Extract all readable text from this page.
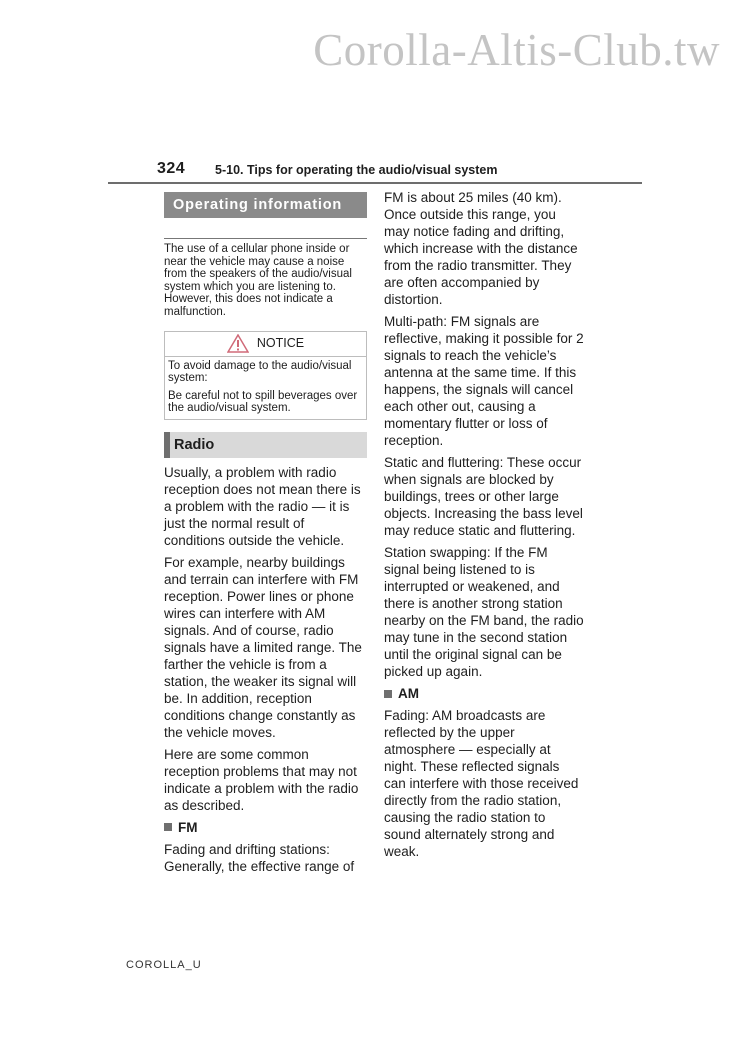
Corolla-Altis-Club.tw
324 5-10. Tips for operating the audio/visual system
Operating information
The use of a cellular phone inside or near the vehicle may cause a noise from the speakers of the audio/visual system which you are listening to. However, this does not indicate a malfunction.
NOTICE
To avoid damage to the audio/visual system:
Be careful not to spill beverages over the audio/visual system.
Radio

Usually, a problem with radio reception does not mean there is a problem with the radio — it is just the normal result of conditions outside the vehicle.

For example, nearby buildings and terrain can interfere with FM reception. Power lines or phone wires can interfere with AM signals. And of course, radio signals have a limited range. The farther the vehicle is from a station, the weaker its signal will be. In addition, reception conditions change constantly as the vehicle moves.

Here are some common reception problems that may not indicate a problem with the radio as described.

FM

Fading and drifting stations: Generally, the effective range of

FM is about 25 miles (40 km). Once outside this range, you may notice fading and drifting, which increase with the distance from the radio transmitter. They are often accompanied by distortion.

Multi-path: FM signals are reflective, making it possible for 2 signals to reach the vehicle’s antenna at the same time. If this happens, the signals will cancel each other out, causing a momentary flutter or loss of reception.

Static and fluttering: These occur when signals are blocked by buildings, trees or other large objects. Increasing the bass level may reduce static and fluttering.

Station swapping: If the FM signal being listened to is interrupted or weakened, and there is another strong station nearby on the FM band, the radio may tune in the second station until the original signal can be picked up again.

AM

Fading: AM broadcasts are reflected by the upper atmosphere — especially at night. These reflected signals can interfere with those received directly from the radio station, causing the radio station to sound alternately strong and weak.

COROLLA_U
